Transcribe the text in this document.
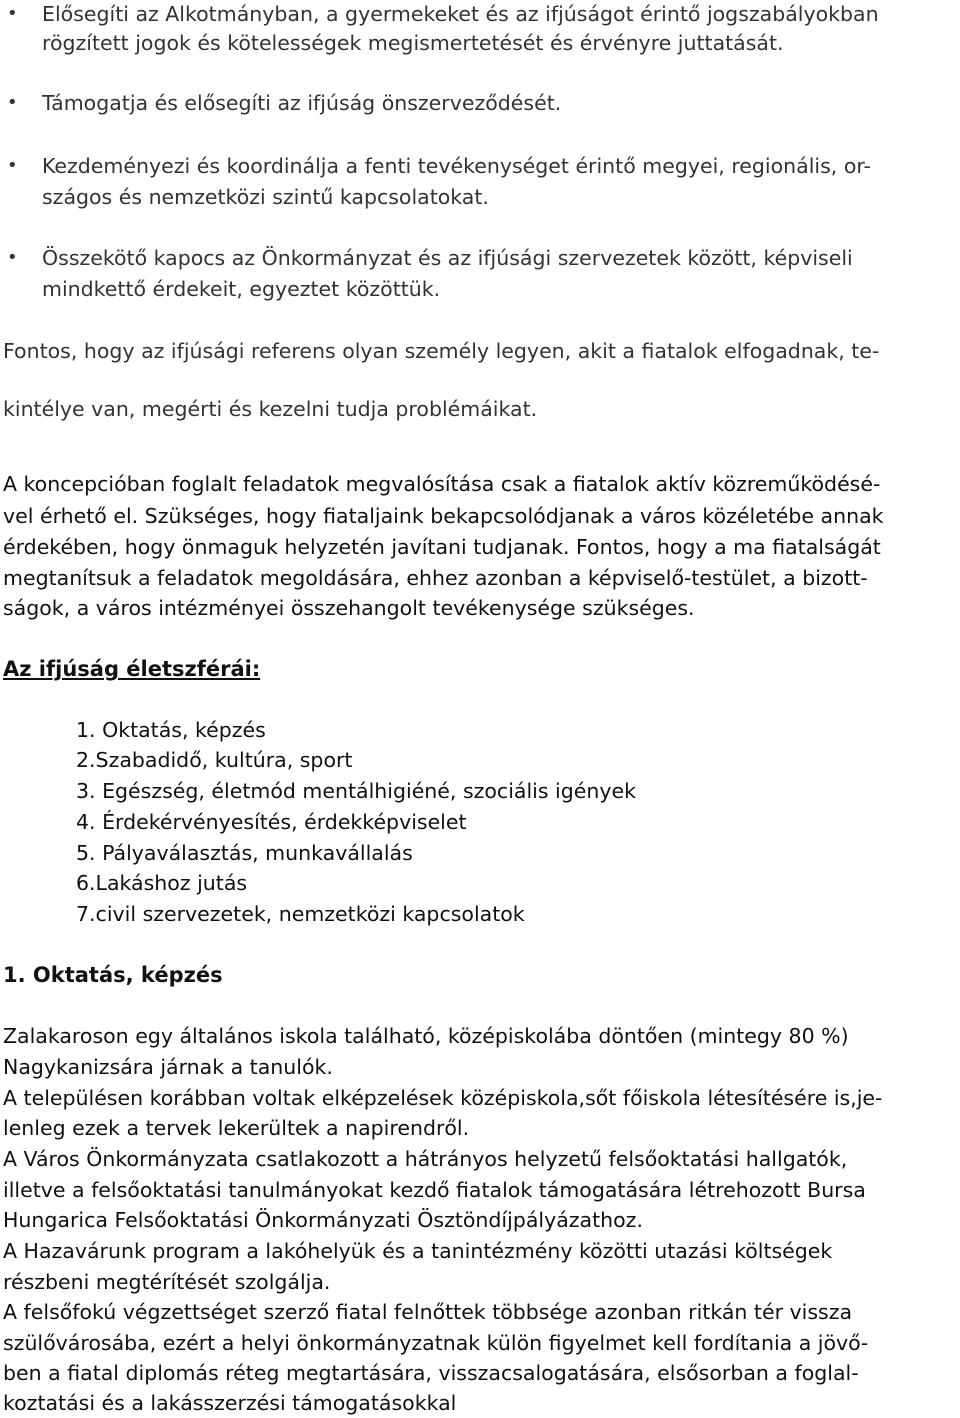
• Elősegíti az Alkotmányban, a gyermekeket és az ifjúságot érintő jogszabályokban
rögzített jogok és kötelességek megismertetését és érvényre juttatását.
• Támogatja és elősegíti az ifjúság önszerveződését.
• Kezdeményezi és koordinálja a fenti tevékenységet érintő megyei, regionális, or-
szágos és nemzetközi szintű kapcsolatokat.
• Összekötő kapocs az Önkormányzat és az ifjúsági szervezetek között, képviseli
mindkettő érdekeit, egyeztet közöttük.
Fontos, hogy az ifjúsági referens olyan személy legyen, akit a fiatalok elfogadnak, te-
kintélye van, megérti és kezelni tudja problémáikat.
A koncepcióban foglalt feladatok megvalósítása csak a fiatalok aktív közreműködésé-
vel érhető el. Szükséges, hogy fiataljaink bekapcsolódjanak a város közéletébe annak
érdekében, hogy önmaguk helyzetén javítani tudjanak. Fontos, hogy a ma fiatalságát
megtanítsuk a feladatok megoldására, ehhez azonban a képviselő-testület, a bizott-
ságok, a város intézményei összehangolt tevékenysége szükséges.
Az ifjúság életszférái:
1. Oktatás, képzés
2.Szabadidő, kultúra, sport
3. Egészség, életmód mentálhigiéné, szociális igények
4. Érdekérvényesítés, érdekképviselet
5. Pályaválasztás, munkavállalás
6.Lakáshoz jutás
7.civil szervezetek, nemzetközi kapcsolatok
1. Oktatás, képzés
Zalakaroson egy általános iskola található, középiskolába döntően (mintegy 80 %)
Nagykanizsára járnak a tanulók.
A településen korábban voltak elképzelések középiskola,sőt főiskola létesítésére is,je-
lenleg ezek a tervek lekerültek a napirendről.
A Város Önkormányzata csatlakozott a hátrányos helyzetű felsőoktatási hallgatók,
illetve a felsőoktatási tanulmányokat kezdő fiatalok támogatására létrehozott Bursa
Hungarica Felsőoktatási Önkormányzati Ösztöndíjpályázathoz.
A Hazavárunk program a lakóhelyük és a tanintézmény közötti utazási költségek
részbeni megtérítését szolgálja.
A felsőfokú végzettséget szerző fiatal felnőttek többsége azonban ritkán tér vissza
szülővárosába, ezért a helyi önkormányzatnak külön figyelmet kell fordítania a jövő-
ben a fiatal diplomás réteg megtartására, visszacsalogatására, elsősorban a foglal-
koztatási és a lakásszerzési támogatásokkal
